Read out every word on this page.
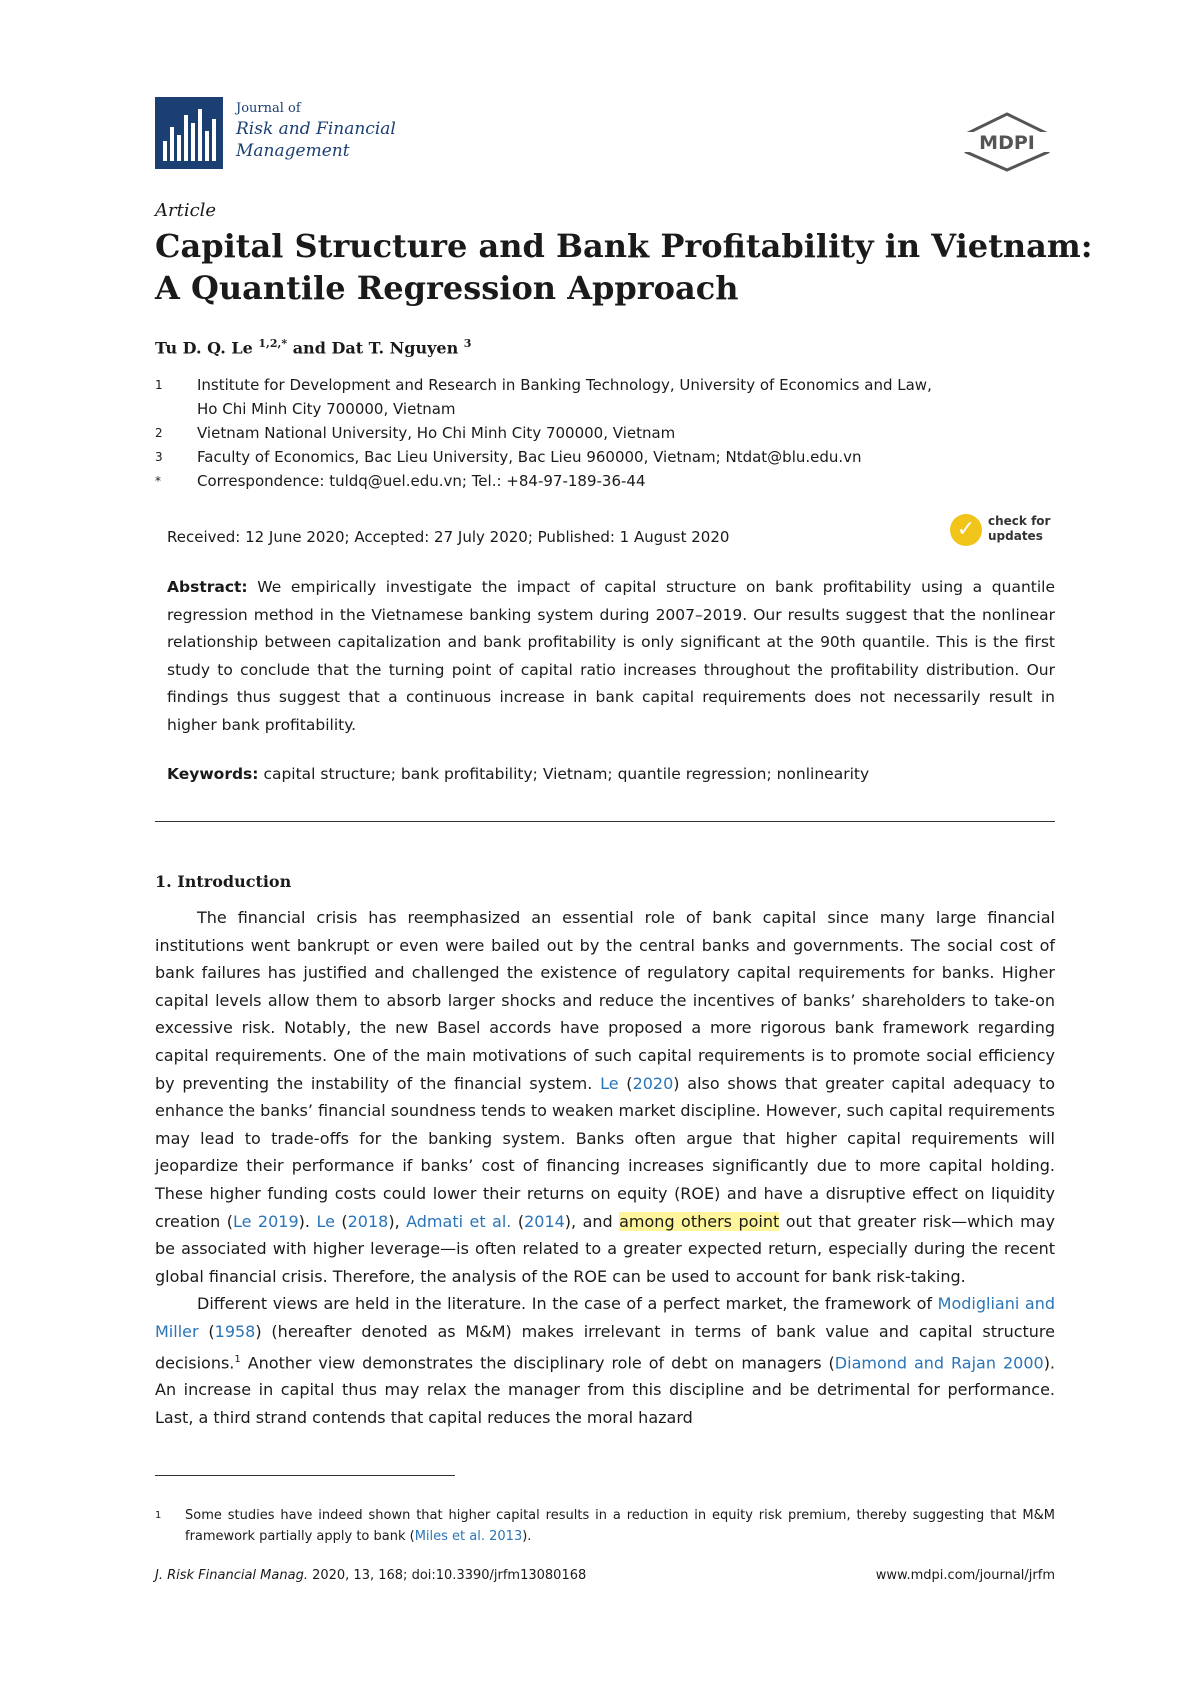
Journal of
Risk and Financial
Management	MDPI
Article
Capital Structure and Bank Profitability in Vietnam:
A Quantile Regression Approach
Tu D. Q. Le $^{1,2,*}$ and Dat T. Nguyen $^3$
1	Institute for Development and Research in Banking Technology, University of Economics and Law,
Ho Chi Minh City 700000, Vietnam
2	Vietnam National University, Ho Chi Minh City 700000, Vietnam
3	Faculty of Economics, Bac Lieu University, Bac Lieu 960000, Vietnam; Ntdat@blu.edu.vn
*	Correspondence: tuldq@uel.edu.vn; Tel.: +84-97-189-36-44
Received: 12 June 2020; Accepted: 27 July 2020; Published: 1 August 2020	✓	check for
updates
Abstract: We empirically investigate the impact of capital structure on bank profitability using a quantile regression method in the Vietnamese banking system during 2007–2019. Our results suggest that the nonlinear relationship between capitalization and bank profitability is only significant at the 90th quantile. This is the first study to conclude that the turning point of capital ratio increases throughout the profitability distribution. Our findings thus suggest that a continuous increase in bank capital requirements does not necessarily result in higher bank profitability.
Keywords: capital structure; bank profitability; Vietnam; quantile regression; nonlinearity
1. Introduction

The financial crisis has reemphasized an essential role of bank capital since many large financial institutions went bankrupt or even were bailed out by the central banks and governments. The social cost of bank failures has justified and challenged the existence of regulatory capital requirements for banks. Higher capital levels allow them to absorb larger shocks and reduce the incentives of banks’ shareholders to take-on excessive risk. Notably, the new Basel accords have proposed a more rigorous bank framework regarding capital requirements. One of the main motivations of such capital requirements is to promote social efficiency by preventing the instability of the financial system. Le (2020) also shows that greater capital adequacy to enhance the banks’ financial soundness tends to weaken market discipline. However, such capital requirements may lead to trade-offs for the banking system. Banks often argue that higher capital requirements will jeopardize their performance if banks’ cost of financing increases significantly due to more capital holding. These higher funding costs could lower their returns on equity (ROE) and have a disruptive effect on liquidity creation (Le 2019). Le (2018), Admati et al. (2014), and among others point out that greater risk—which may be associated with higher leverage—is often related to a greater expected return, especially during the recent global financial crisis. Therefore, the analysis of the ROE can be used to account for bank risk-taking.

Different views are held in the literature. In the case of a perfect market, the framework of Modigliani and Miller (1958) (hereafter denoted as M&M) makes irrelevant in terms of bank value and capital structure decisions.$^1$ Another view demonstrates the disciplinary role of debt on managers (Diamond and Rajan 2000). An increase in capital thus may relax the manager from this discipline and be detrimental for performance. Last, a third strand contends that capital reduces the moral hazard

1	Some studies have indeed shown that higher capital results in a reduction in equity risk premium, thereby suggesting that M&M framework partially apply to bank (Miles et al. 2013).
J. Risk Financial Manag. 2020, 13, 168; doi:10.3390/jrfm13080168	www.mdpi.com/journal/jrfm
